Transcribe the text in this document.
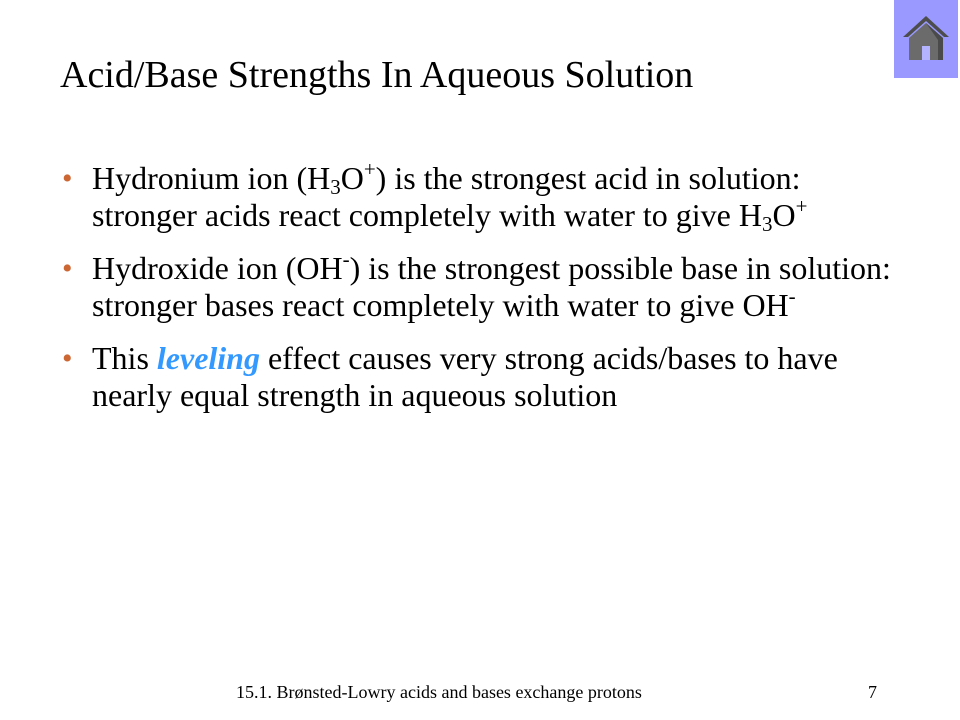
Acid/Base Strengths In Aqueous Solution
• Hydronium ion $(H_3O^+)$ is the strongest acid in solution: stronger acids react completely with water to give $H_3O^+$
• Hydroxide ion (OH-) is the strongest possible base in solution: stronger bases react completely with water to give OH-
• This leveling effect causes very strong acids/bases to have nearly equal strength in aqueous solution
15.1. Brønsted-Lowry acids and bases exchange protons	7
